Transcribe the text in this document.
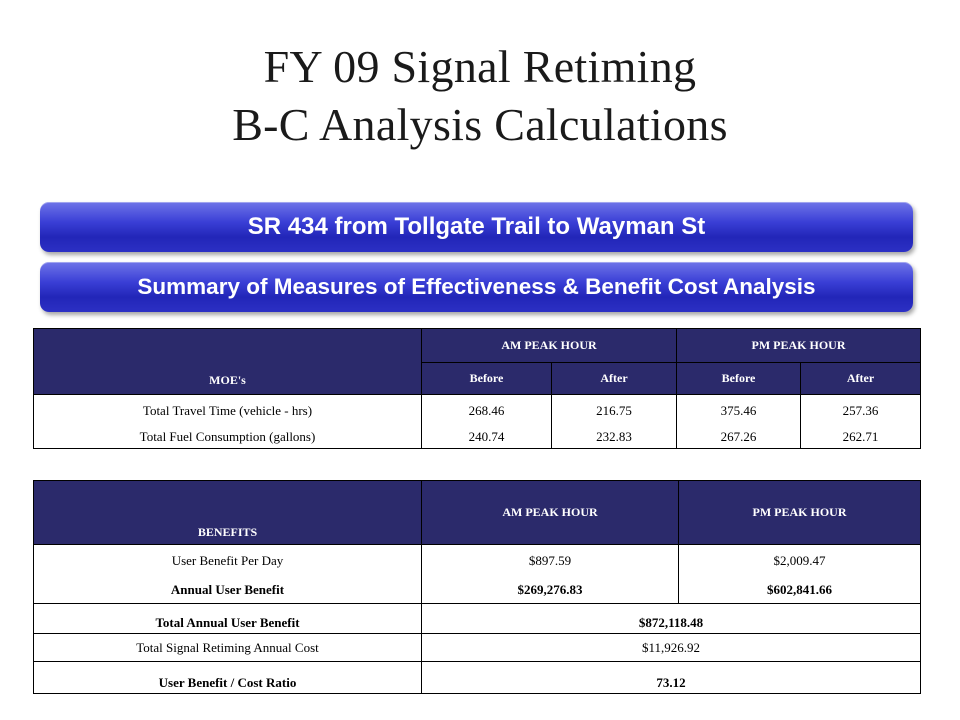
FY 09 Signal Retiming
B-C Analysis Calculations
SR 434 from Tollgate Trail to Wayman St
Summary of Measures of Effectiveness & Benefit Cost Analysis
MOE's	AM PEAK HOUR		PM PEAK HOUR	
	Before	After	Before	After
Total Travel Time (vehicle - hrs)	268.46	216.75	375.46	257.36
Total Fuel Consumption (gallons)	240.74	232.83	267.26	262.71
BENEFITS	AM PEAK HOUR	PM PEAK HOUR
User Benefit Per Day	$897.59	$2,009.47
Annual User Benefit	$269,276.83	$602,841.66
Total Annual User Benefit	$872,118.48	
Total Signal Retiming Annual Cost	$11,926.92	
User Benefit / Cost Ratio	73.12	
